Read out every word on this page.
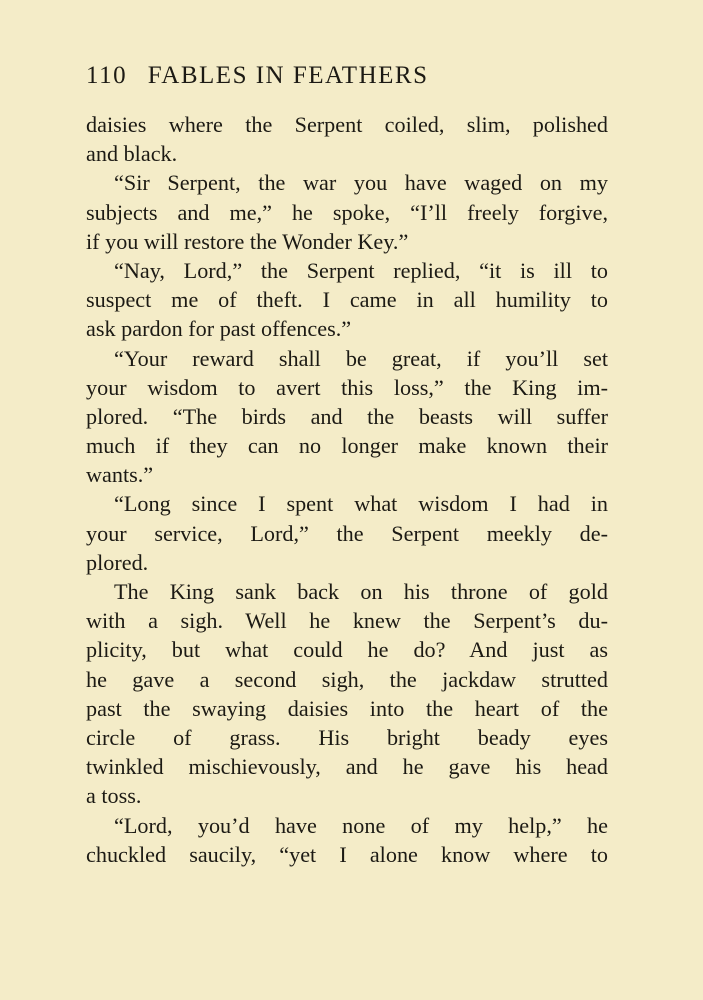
110 FABLES IN FEATHERS
daisies where the Serpent coiled, slim, polished
and black.
“Sir Serpent, the war you have waged on my
subjects and me,” he spoke, “I’ll freely forgive,
if you will restore the Wonder Key.”
“Nay, Lord,” the Serpent replied, “it is ill to
suspect me of theft. I came in all humility to
ask pardon for past offences.”
“Your reward shall be great, if you’ll set
your wisdom to avert this loss,” the King im-
plored. “The birds and the beasts will suffer
much if they can no longer make known their
wants.”
“Long since I spent what wisdom I had in
your service, Lord,” the Serpent meekly de-
plored.
The King sank back on his throne of gold
with a sigh. Well he knew the Serpent’s du-
plicity, but what could he do? And just as
he gave a second sigh, the jackdaw strutted
past the swaying daisies into the heart of the
circle of grass. His bright beady eyes
twinkled mischievously, and he gave his head
a toss.
“Lord, you’d have none of my help,” he
chuckled saucily, “yet I alone know where to
